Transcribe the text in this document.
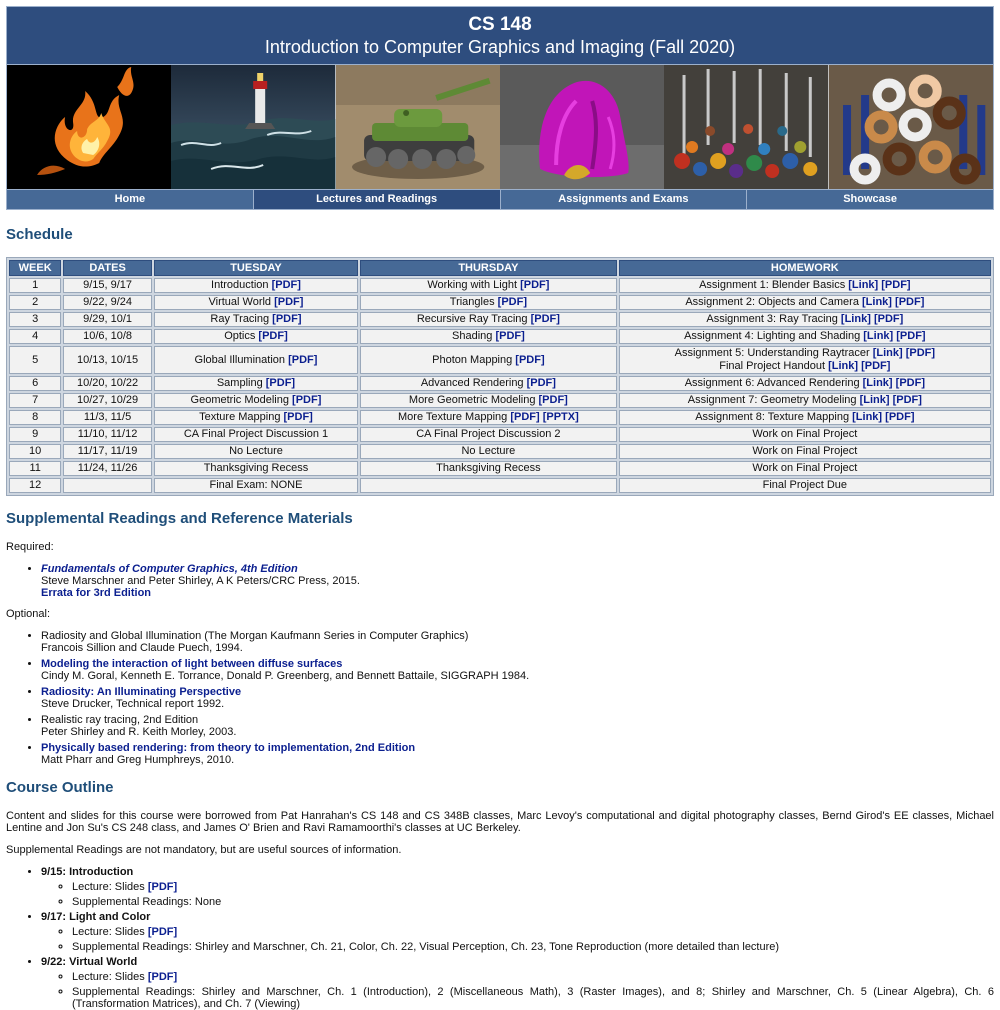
CS 148
Introduction to Computer Graphics and Imaging (Fall 2020)
Home	Lectures and Readings	Assignments and Exams	Showcase
Schedule
WEEK	DATES	TUESDAY	THURSDAY	HOMEWORK
1	9/15, 9/17	Introduction [PDF]	Working with Light [PDF]	Assignment 1: Blender Basics [Link] [PDF]
2	9/22, 9/24	Virtual World [PDF]	Triangles [PDF]	Assignment 2: Objects and Camera [Link] [PDF]
3	9/29, 10/1	Ray Tracing [PDF]	Recursive Ray Tracing [PDF]	Assignment 3: Ray Tracing [Link] [PDF]
4	10/6, 10/8	Optics [PDF]	Shading [PDF]	Assignment 4: Lighting and Shading [Link] [PDF]
5	10/13, 10/15	Global Illumination [PDF]	Photon Mapping [PDF]	Assignment 5: Understanding Raytracer [Link] [PDF]
Final Project Handout [Link] [PDF]
6	10/20, 10/22	Sampling [PDF]	Advanced Rendering [PDF]	Assignment 6: Advanced Rendering [Link] [PDF]
7	10/27, 10/29	Geometric Modeling [PDF]	More Geometric Modeling [PDF]	Assignment 7: Geometry Modeling [Link] [PDF]
8	11/3, 11/5	Texture Mapping [PDF]	More Texture Mapping [PDF] [PPTX]	Assignment 8: Texture Mapping [Link] [PDF]
9	11/10, 11/12	CA Final Project Discussion 1	CA Final Project Discussion 2	Work on Final Project
10	11/17, 11/19	No Lecture	No Lecture	Work on Final Project
11	11/24, 11/26	Thanksgiving Recess	Thanksgiving Recess	Work on Final Project
12		Final Exam: NONE		Final Project Due
Supplemental Readings and Reference Materials

Required:

• Fundamentals of Computer Graphics, 4th Edition
Steve Marschner and Peter Shirley, A K Peters/CRC Press, 2015.
Errata for 3rd Edition

Optional:

• Radiosity and Global Illumination (The Morgan Kaufmann Series in Computer Graphics)
Francois Sillion and Claude Puech, 1994.
• Modeling the interaction of light between diffuse surfaces
Cindy M. Goral, Kenneth E. Torrance, Donald P. Greenberg, and Bennett Battaile, SIGGRAPH 1984.
• Radiosity: An Illuminating Perspective
Steve Drucker, Technical report 1992.
• Realistic ray tracing, 2nd Edition
Peter Shirley and R. Keith Morley, 2003.
• Physically based rendering: from theory to implementation, 2nd Edition
Matt Pharr and Greg Humphreys, 2010.
Course Outline

Content and slides for this course were borrowed from Pat Hanrahan's CS 148 and CS 348B classes, Marc Levoy's computational and digital photography classes, Bernd Girod's EE classes, Michael Lentine and Jon Su's CS 248 class, and James O' Brien and Ravi Ramamoorthi's classes at UC Berkeley.

Supplemental Readings are not mandatory, but are useful sources of information.

• 9/15: Introduction
◦ Lecture: Slides [PDF]
◦ Supplemental Readings: None
• 9/17: Light and Color
◦ Lecture: Slides [PDF]
◦ Supplemental Readings: Shirley and Marschner, Ch. 21, Color, Ch. 22, Visual Perception, Ch. 23, Tone Reproduction (more detailed than lecture)
• 9/22: Virtual World
◦ Lecture: Slides [PDF]
◦ Supplemental Readings: Shirley and Marschner, Ch. 1 (Introduction), 2 (Miscellaneous Math), 3 (Raster Images), and 8; Shirley and Marschner, Ch. 5 (Linear Algebra), Ch. 6 (Transformation Matrices), and Ch. 7 (Viewing)
